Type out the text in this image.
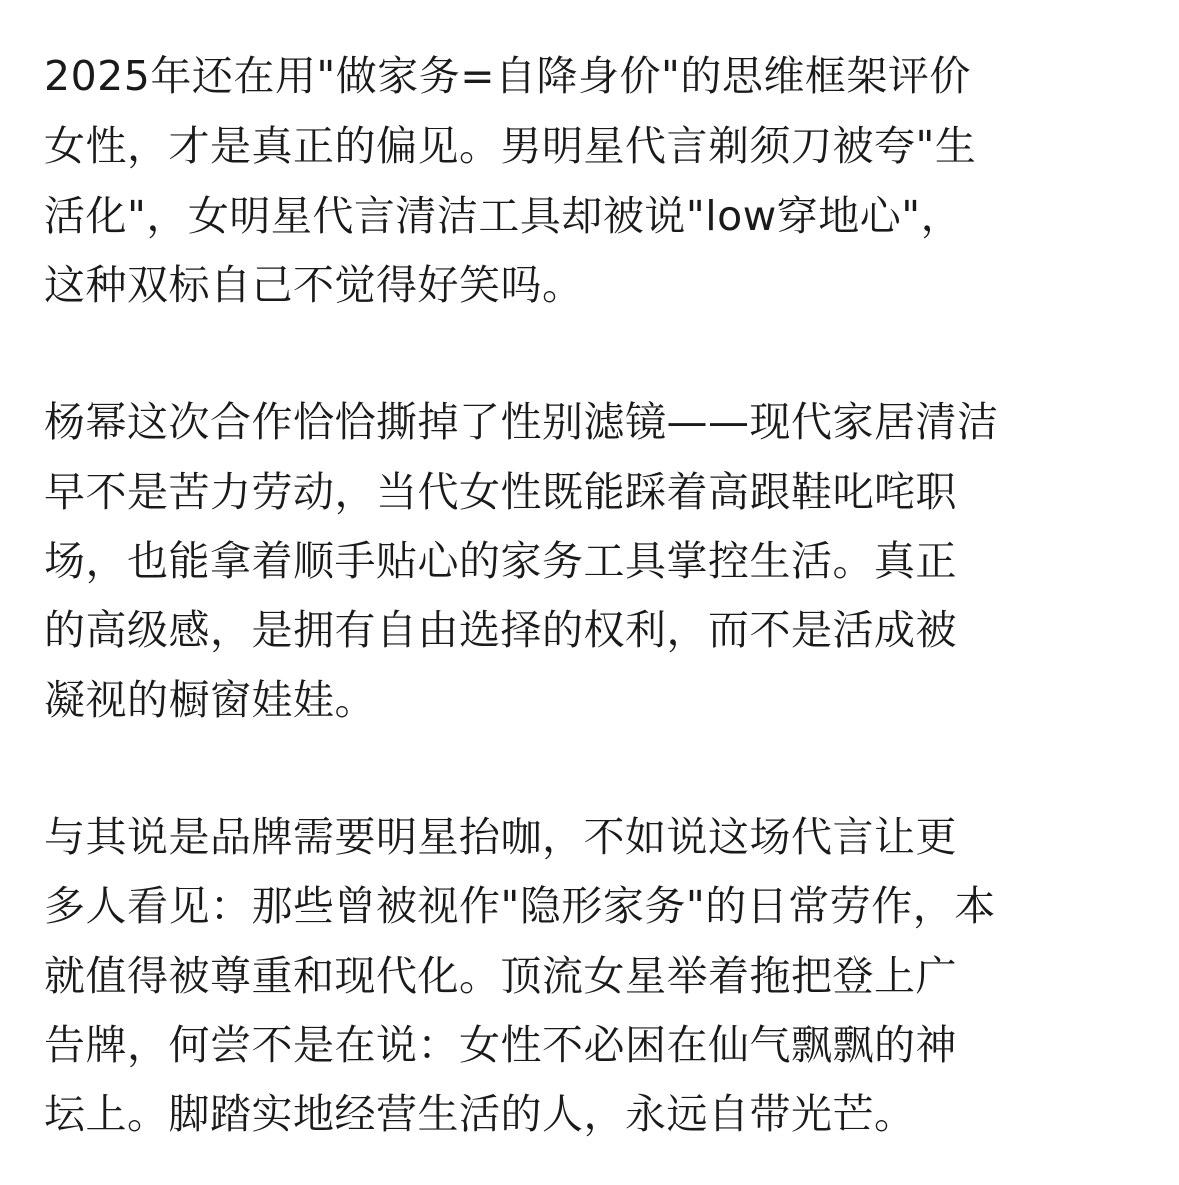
2025年还在用"做家务=自降身价"的思维框架评价
女性，才是真正的偏见。男明星代言剃须刀被夸"生
活化"，女明星代言清洁工具却被说"low穿地心"，
这种双标自己不觉得好笑吗。
杨幂这次合作恰恰撕掉了性别滤镜——现代家居清洁
早不是苦力劳动，当代女性既能踩着高跟鞋叱咤职
场，也能拿着顺手贴心的家务工具掌控生活。真正
的高级感，是拥有自由选择的权利，而不是活成被
凝视的橱窗娃娃。
与其说是品牌需要明星抬咖，不如说这场代言让更
多人看见：那些曾被视作"隐形家务"的日常劳作，本
就值得被尊重和现代化。顶流女星举着拖把登上广
告牌，何尝不是在说：女性不必困在仙气飘飘的神
坛上。脚踏实地经营生活的人，永远自带光芒。
